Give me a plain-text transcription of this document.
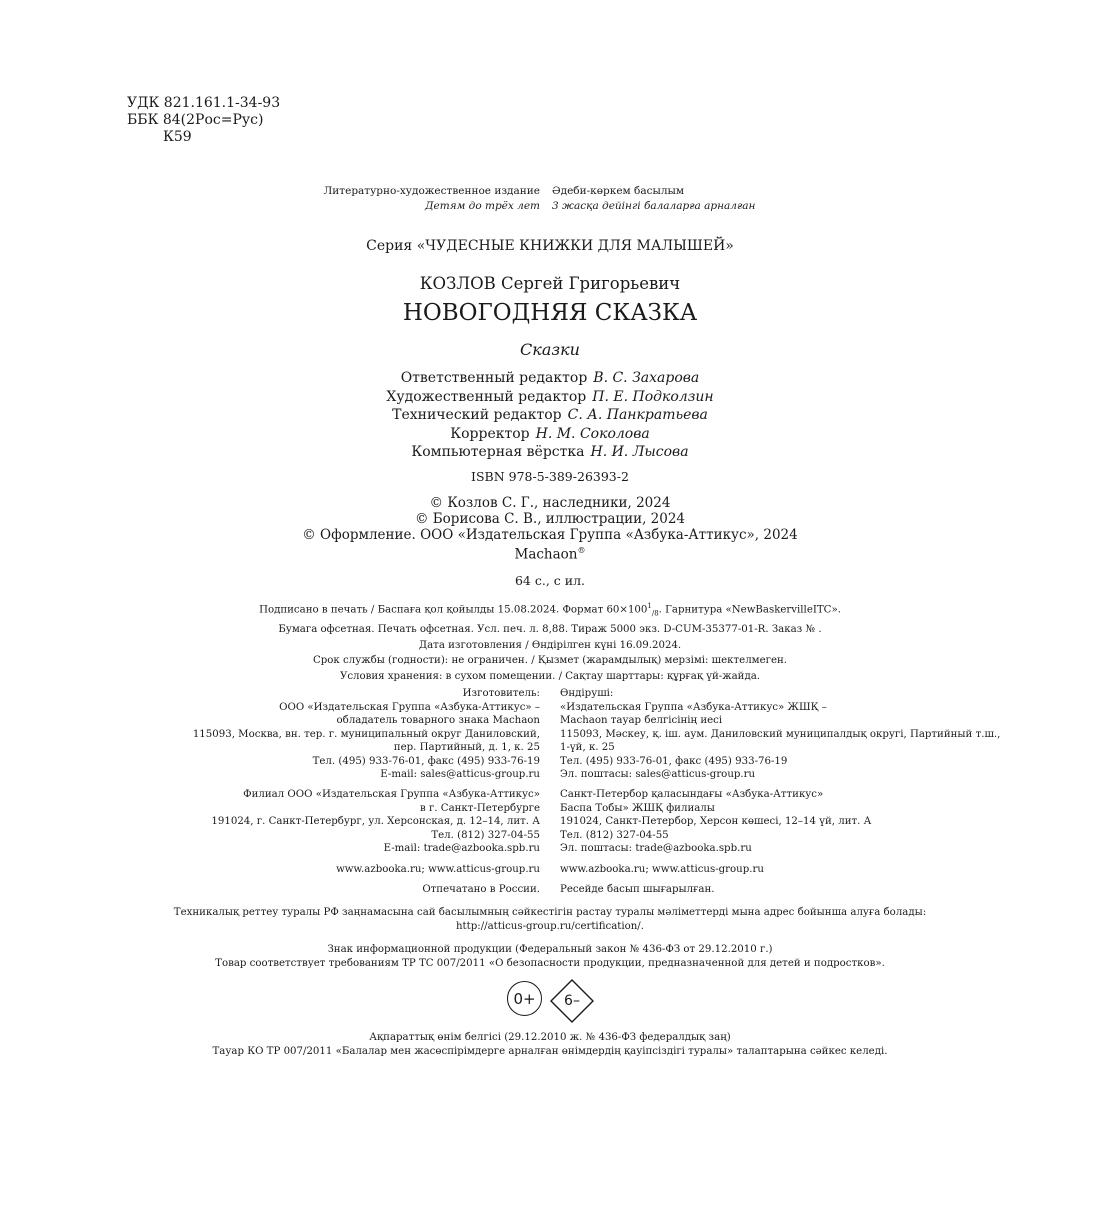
УДК 821.161.1-34-93
ББК 84(2Рос=Рус)
К59
Литературно-художественное издание
Детям до трёх лет
Әдеби-көркем басылым
3 жасқа дейінгі балаларға арналған
Серия «ЧУДЕСНЫЕ КНИЖКИ ДЛЯ МАЛЫШЕЙ»
КОЗЛОВ Сергей Григорьевич
НОВОГОДНЯЯ СКАЗКА
Сказки
Ответственный редактор В. С. Захарова
Художественный редактор П. Е. Подколзин
Технический редактор С. А. Панкратьева
Корректор Н. М. Соколова
Компьютерная вёрстка Н. И. Лысова
ISBN 978-5-389-26393-2
© Козлов С. Г., наследники, 2024
© Борисова С. В., иллюстрации, 2024
© Оформление. ООО «Издательская Группа «Азбука-Аттикус», 2024
Machaon®
64 с., с ил.
Подписано в печать / Баспаға қол қойылды 15.08.2024. Формат $60\times 100^1_{/8}$. Гарнитура «NewBaskervilleITC».
Бумага офсетная. Печать офсетная. Усл. печ. л. 8,88. Тираж 5000 экз. D-CUM-35377-01-R. Заказ № .
Дата изготовления / Өндірілген күні 16.09.2024.
Срок службы (годности): не ограничен. / Қызмет (жарамдылық) мерзімі: шектелмеген.
Условия хранения: в сухом помещении. / Сақтау шарттары: құрғақ үй-жайда.
Изготовитель:
ООО «Издательская Группа «Азбука-Аттикус» –
обладатель товарного знака Machaon
115093, Москва, вн. тер. г. муниципальный округ Даниловский,
пер. Партийный, д. 1, к. 25
Тел. (495) 933-76-01, факс (495) 933-76-19
E-mail: sales@atticus-group.ru
Өндіруші:
«Издательская Группа «Азбука-Аттикус» ЖШҚ –
Machaon тауар белгісінің иесі
115093, Мәскеу, қ. іш. аум. Даниловский муниципалдық округі, Партийный т.ш.,
1-үй, к. 25
Тел. (495) 933-76-01, факс (495) 933-76-19
Эл. поштасы: sales@atticus-group.ru
Филиал ООО «Издательская Группа «Азбука-Аттикус»
в г. Санкт-Петербурге
191024, г. Санкт-Петербург, ул. Херсонская, д. 12–14, лит. А
Тел. (812) 327-04-55
E-mail: trade@azbooka.spb.ru
Санкт-Петербор қаласындағы «Азбука-Аттикус»
Баспа Тобы» ЖШҚ филиалы
191024, Санкт-Петербор, Херсон көшесі, 12–14 үй, лит. А
Тел. (812) 327-04-55
Эл. поштасы: trade@azbooka.spb.ru
www.azbooka.ru; www.atticus-group.ru www.azbooka.ru; www.atticus-group.ru
Отпечатано в России. Ресейде басып шығарылған.
Техникалық реттеу туралы РФ заңнамасына сай басылымның сәйкестігін растау туралы мәліметтерді мына адрес бойынша алуға болады:
http://atticus-group.ru/certification/.
Знак информационной продукции (Федеральный закон № 436-ФЗ от 29.12.2010 г.)
Товар соответствует требованиям ТР ТС 007/2011 «О безопасности продукции, предназначенной для детей и подростков».
0+	6–
Ақпараттық өнім белгісі (29.12.2010 ж. № 436-ФЗ федералдық заң)
Тауар КО ТР 007/2011 «Балалар мен жасөспірімдерге арналған өнімдердің қауіпсіздігі туралы» талаптарына сәйкес келеді.
